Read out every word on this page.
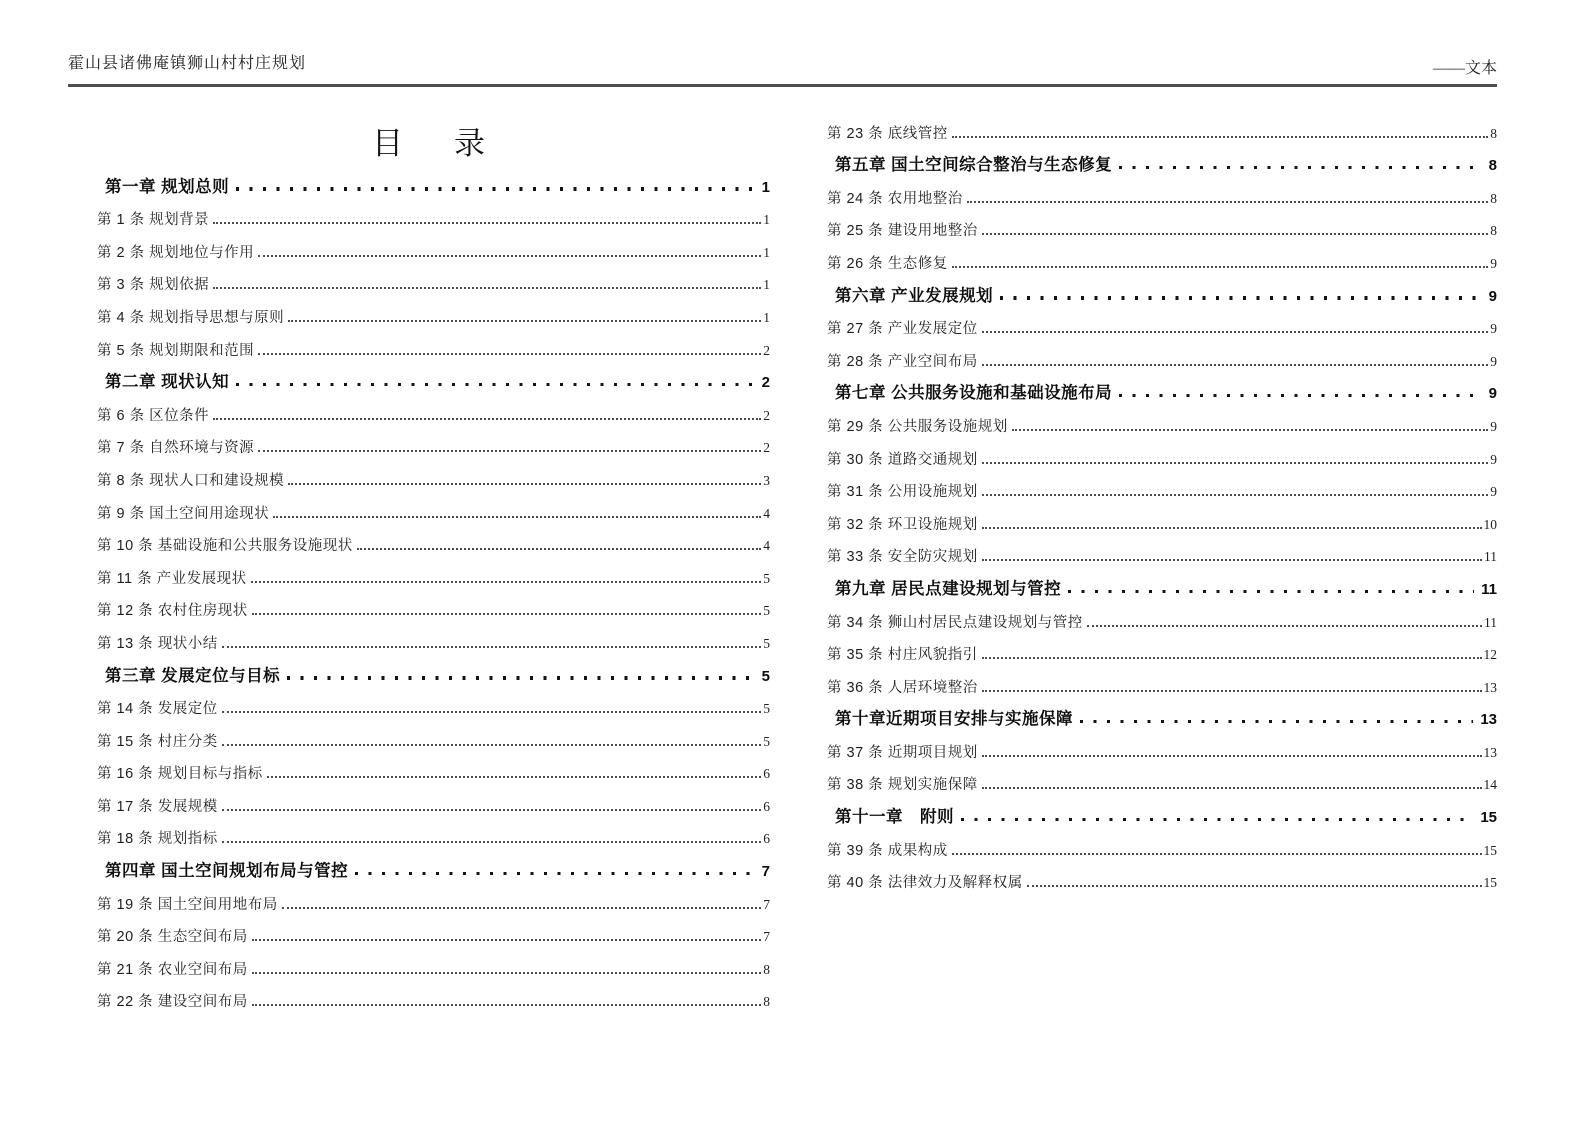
霍山县诸佛庵镇狮山村村庄规划	——文本
目　录
第一章 规划总则	1
第 1 条 规划背景	1
第 2 条 规划地位与作用	1
第 3 条 规划依据	1
第 4 条 规划指导思想与原则	1
第 5 条 规划期限和范围	2
第二章 现状认知	2
第 6 条 区位条件	2
第 7 条 自然环境与资源	2
第 8 条 现状人口和建设规模	3
第 9 条 国土空间用途现状	4
第 10 条 基础设施和公共服务设施现状	4
第 11 条 产业发展现状	5
第 12 条 农村住房现状	5
第 13 条 现状小结	5
第三章 发展定位与目标	5
第 14 条 发展定位	5
第 15 条 村庄分类	5
第 16 条 规划目标与指标	6
第 17 条 发展规模	6
第 18 条 规划指标	6
第四章 国土空间规划布局与管控	7
第 19 条 国土空间用地布局	7
第 20 条 生态空间布局	7
第 21 条 农业空间布局	8
第 22 条 建设空间布局	8
第 23 条 底线管控	8
第五章 国土空间综合整治与生态修复	8
第 24 条 农用地整治	8
第 25 条 建设用地整治	8
第 26 条 生态修复	9
第六章 产业发展规划	9
第 27 条 产业发展定位	9
第 28 条 产业空间布局	9
第七章 公共服务设施和基础设施布局	9
第 29 条 公共服务设施规划	9
第 30 条 道路交通规划	9
第 31 条 公用设施规划	9
第 32 条 环卫设施规划	10
第 33 条 安全防灾规划	11
第九章 居民点建设规划与管控	11
第 34 条 狮山村居民点建设规划与管控	11
第 35 条 村庄风貌指引	12
第 36 条 人居环境整治	13
第十章近期项目安排与实施保障	13
第 37 条 近期项目规划	13
第 38 条 规划实施保障	14
第十一章　附则	15
第 39 条 成果构成	15
第 40 条 法律效力及解释权属	15
